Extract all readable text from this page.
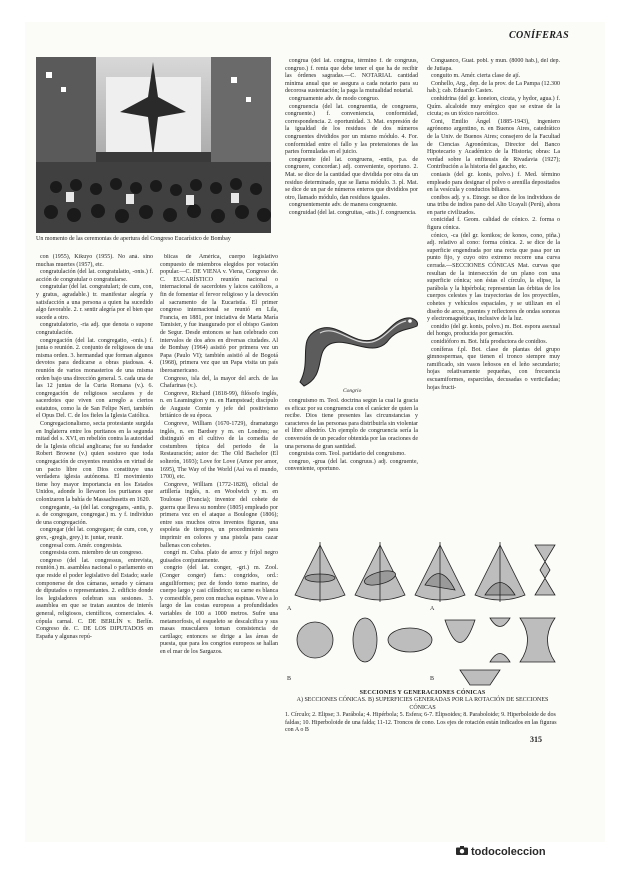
CONÍFERAS
Un momento de las ceremonias de apertura del Congreso Eucarístico de Bombay

con (1955), Kikuyo (1955). No aná. sino muchas muertes (1957), etc.

congratulación (del lat. congratulatio, -onis.) f. acción de congratular o congratularse.

congratular (del lat. congratulari; de cum, con, y gratus, agradable.) tr. manifestar alegría y satisfacción a una persona a quien ha sucedido algo favorable. 2. r. sentir alegría por el bien que sucede a otro.

congratulatorio, -ria adj. que denota o supone congratulación.

congregación (del lat. congregatio, -onis.) f. junta o reunión. 2. conjunto de religiosos de una misma orden. 3. hermandad que forman algunos devotos para dedicarse a obras piadosas. 4. reunión de varios monasterios de una misma orden bajo una dirección general. 5. cada una de las 12 juntas de la Curia Romana (v.). 6. congregación de religiosos seculares y de sacerdotes que viven con arreglo a ciertos estatutos, como la de San Felipe Neri, también el Opus Del. C. de los fieles la Iglesia Católica.

Congregacionalismo, secta protestante surgida en Inglaterra entre los puritanos en la segunda mitad del s. XVI, en rebelión contra la autoridad de la Iglesia oficial anglicana; fue su fundador Robert Browne (v.) quien sostuvo que toda congregación de creyentes reunidos en virtud de un pacto libre con Dios constituye una verdadera iglesia autónoma. El movimiento tiene hoy mayor importancia en los Estados Unidos, adonde lo llevaron los puritanos que colonizaron la bahía de Massachusetts en 1620.

congregante, -ta (del lat. congregans, -antis, p. a. de congregare, congregar.) m. y f. individuo de una congregación.

congregar (del lat. congregare; de cum, con, y grex, -gregis, grey.) tr. juntar, reunir.

congresal com. Amér. congresista.

congresista com. miembro de un congreso.

congreso (del lat. congressus, entrevista, reunión.) m. asamblea nacional o parlamento en que reside el poder legislativo del Estado; suele componerse de dos cámaras, senado y cámara de diputados o representantes. 2. edificio donde los legisladores celebran sus sesiones. 3. asamblea en que se tratan asuntos de interés general, religiosos, científicos, comerciales. 4. cópula carnal. C. DE BERLÍN v. Berlín. Congreso de. C. DE LOS DIPUTADOS en España y algunas repú-

blicas de América, cuerpo legislativo compuesto de miembros elegidos por votación popular.—C. DE VIENA v. Viena, Congreso de. C. EUCARÍSTICO reunión nacional o internacional de sacerdotes y laicos católicos, a fin de fomentar el fervor religioso y la devoción al sacramento de la Eucaristía. El primer congreso internacional se reunió en Lila, Francia, en 1881, por iniciativa de Marta María Tamisier, y fue inaugurado por el obispo Gaston de Segur. Desde entonces se han celebrado con intervalos de dos años en diversas ciudades. Al de Bombay (1964) asistió por primera vez un Papa (Paulo VI); también asistió al de Bogotá (1968), primera vez que un Papa visita un país iberoamericano.

Congreso, isla del, la mayor del arch. de las Chafarinas (v.).

Congreve, Richard (1818-99), filósofo inglés, n. en Leamington y m. en Hampstead; discípulo de Auguste Comte y jefe del positivismo británico de su época.

Congreve, William (1670-1729), dramaturgo inglés, n. en Bardsey y m. en Londres; se distinguió en el cultivo de la comedia de costumbres típica del periodo de la Restauración; autor de: The Old Bachelor (El solterón, 1693); Love for Love (Amor por amor, 1695), The Way of the World (Así va el mundo, 1700), etc.

Congreve, William (1772-1828), oficial de artillería inglés, n. en Woolwich y m. en Toulouse (Francia); inventor del cohete de guerra que lleva su nombre (1805) empleado por primera vez en el ataque a Boulogne (1806); entre sus muchos otros inventos figuran, una espoleta de tiempos, un procedimiento para imprimir en colores y una pistola para cazar ballenas con cohetes.

congrí m. Cuba. plato de arroz y fríjol negro guisados conjuntamente.

congrio (del lat. conger, -gri.) m. Zool. (Conger conger) fam.: congridos, ord.: anguiliformes; pez de fondo tomo marino, de cuerpo largo y casi cilíndrico; su carne es blanca y comestible, pero con muchas espinas. Vive a lo largo de las costas europeas a profundidades variables de 100 a 1000 metros. Sufre una metamorfosis, el esqueleto se descalcifica y sus masas musculares toman consistencia de cartílago; entonces se dirige a las áreas de puesta, que para los congrios europeos se hallan en el mar de los Sargazos.

congrua (del lat. congrua, término f. de congruus, congruo.) f. renta que debe tener el que ha de recibir las órdenes sagradas.—C. NOTARIAL cantidad mínima anual que se asegura a cada notario para su decorosa sustentación; la paga la mutualidad notarial.

congruamente adv. de modo congruo.

congruencia (del lat. congruentia, de congruens, congruente.) f. conveniencia, conformidad, correspondencia. 2. oportunidad. 3. Mat. expresión de la igualdad de los residuos de dos números congruentes divididos por un mismo módulo. 4. For. conformidad entre el fallo y las pretensiones de las partes formuladas en el juicio.

congruente (del lat. congruens, -entis, p.a. de congruere, concordar.) adj. conveniente, oportuno. 2. Mat. se dice de la cantidad que dividida por otra da un residuo determinado, que se llama módulo. 3. pl. Mat. se dice de un par de números enteros que divididos por otro, llamado módulo, dan residuos iguales.

congruentemente adv. de manera congruente.

congruidad (del lat. congruitas, -atis.) f. congruencia.

Congrio

congruismo m. Teol. doctrina según la cual la gracia es eficaz por su congruencia con el carácter de quien la recibe. Dios tiene presentes las circunstancias y caracteres de las personas para distribuirla sin violentar el libre albedrío. Un ejemplo de congruencia sería la conversión de un pecador obtenida por las oraciones de una persona de gran santidad.

congruista com. Teol. partidario del congruismo.

congruo, -grua (del lat. congruus.) adj. congruente, conveniente, oportuno.

Conguanco, Guat. pobl. y mun. (8000 hab.), del dep. de Jutiapa.

conguito m. Amér. cierta clase de ají.

Conhello, Arg., dep. de la prov. de La Pampa (12.300 hab.); cab. Eduardo Castex.

conhidrina (del gr. koneion, cicuta, y hydor, agua.) f. Quím. alcaloide muy enérgico que se extrae de la cicuta; es un tóxico narcótico.

Coni, Emilio Ángel (1885-1943), ingeniero agrónomo argentino, n. en Buenos Aires, catedrático de la Univ. de Buenos Aires; consejero de la Facultad de Ciencias Agronómicas, Director del Banco Hipotecario y Académico de la Historia; obras: La verdad sobre la enfiteusis de Rivadavia (1927); Contribución a la historia del gaucho, etc.

coniasis (del gr. konis, polvo.) f. Med. término empleado para designar el polvo o arenilla depositados en la vesícula y conductos biliares.

conibos adj. y s. Etnogr. se dice de los individuos de una tribu de indios pano del Alto Ucayali (Perú), ahora en parte civilizados.

conicidad f. Geom. calidad de cónico. 2. forma o figura cónica.

cónico, -ca (del gr. konikos; de konos, cono, piña.) adj. relativo al cono: forma cónica. 2. se dice de la superficie engendrada por una recta que pasa por un punto fijo, y cuyo otro extremo recorre una curva cerrada.—SECCIONES CÓNICAS Mat. curvas que resultan de la intersección de un plano con una superficie cónica; son éstas el círculo, la elipse, la parábola y la hipérbola; representan las órbitas de los cuerpos celestes y las trayectorias de los proyectiles, cohetes y vehículos espaciales, y se utilizan en el diseño de arcos, puentes y reflectores de ondas sonoras y electromagnéticas, inclusive de la luz.

conidio (del gr. konis, polvo.) m. Bot. espora asexual del hongo, producida por gemación.

conidióforo m. Bot. hifa productora de conidios.

coníferas f.pl. Bot. clase de plantas del grupo gimnospermas, que tienen el tronco siempre muy ramificado, sin vasos leñosos en el leño secundario; hojas relativamente pequeñas, con frecuencia escuamiformes, esparcidas, decusadas o verticiladas; hojas fructi-

A
B
A
B
SECCIONES Y GENERACIONES CÓNICAS
A) SECCIONES CÓNICAS. B) SUPERFICIES GENERADAS POR LA ROTACIÓN DE SECCIONES CÓNICAS
1. Círculo; 2. Elipse; 3. Parábola; 4. Hipérbola; 5. Esfera; 6-7. Elipsoides; 8. Paraboloide; 9. Hiperboloide de dos faldas; 10. Hiperboloide de una falda; 11-12. Troncos de cono. Los ejes de rotación están indicados en las figuras con A o B
315
todocoleccion
